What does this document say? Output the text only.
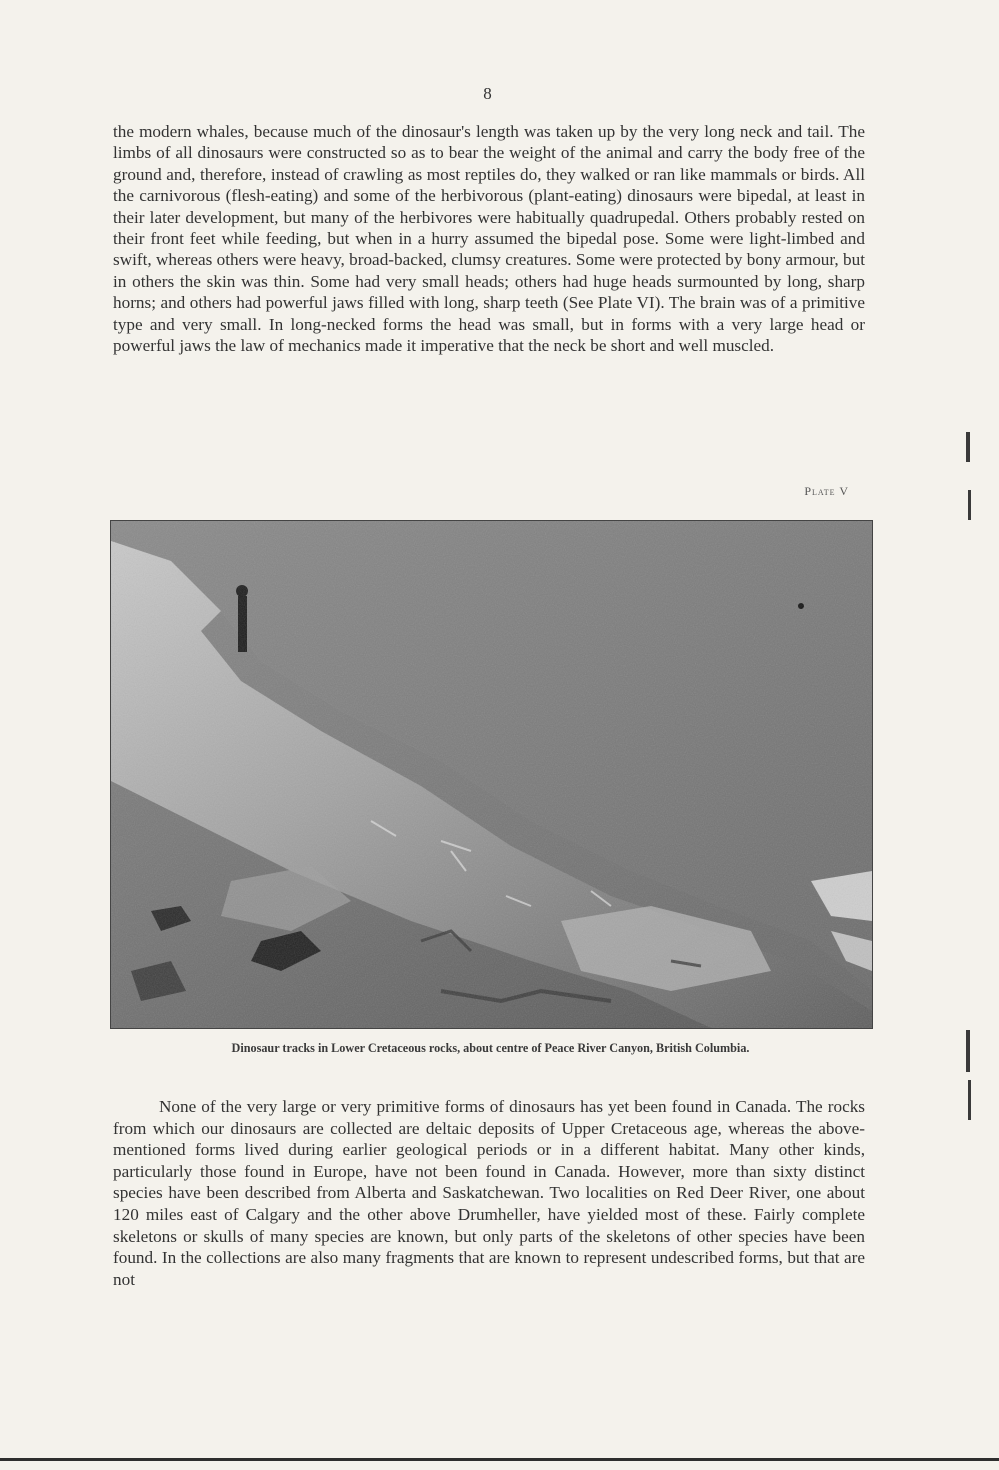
8

the modern whales, because much of the dinosaur's length was taken up by the very long neck and tail. The limbs of all dinosaurs were constructed so as to bear the weight of the animal and carry the body free of the ground and, therefore, instead of crawling as most reptiles do, they walked or ran like mammals or birds. All the carnivorous (flesh-eating) and some of the herbivorous (plant-eating) dinosaurs were bipedal, at least in their later development, but many of the herbivores were habitually quadrupedal. Others probably rested on their front feet while feeding, but when in a hurry assumed the bipedal pose. Some were light-limbed and swift, whereas others were heavy, broad-backed, clumsy creatures. Some were protected by bony armour, but in others the skin was thin. Some had very small heads; others had huge heads surmounted by long, sharp horns; and others had powerful jaws filled with long, sharp teeth (See Plate VI). The brain was of a primitive type and very small. In long-necked forms the head was small, but in forms with a very large head or powerful jaws the law of mechanics made it imperative that the neck be short and well muscled.

Plate V
Dinosaur tracks in Lower Cretaceous rocks, about centre of Peace River Canyon, British Columbia.

None of the very large or very primitive forms of dinosaurs has yet been found in Canada. The rocks from which our dinosaurs are collected are deltaic deposits of Upper Cretaceous age, whereas the above-mentioned forms lived during earlier geological periods or in a different habitat. Many other kinds, particularly those found in Europe, have not been found in Canada. However, more than sixty distinct species have been described from Alberta and Saskatchewan. Two localities on Red Deer River, one about 120 miles east of Calgary and the other above Drumheller, have yielded most of these. Fairly complete skeletons or skulls of many species are known, but only parts of the skeletons of other species have been found. In the collections are also many fragments that are known to represent undescribed forms, but that are not
